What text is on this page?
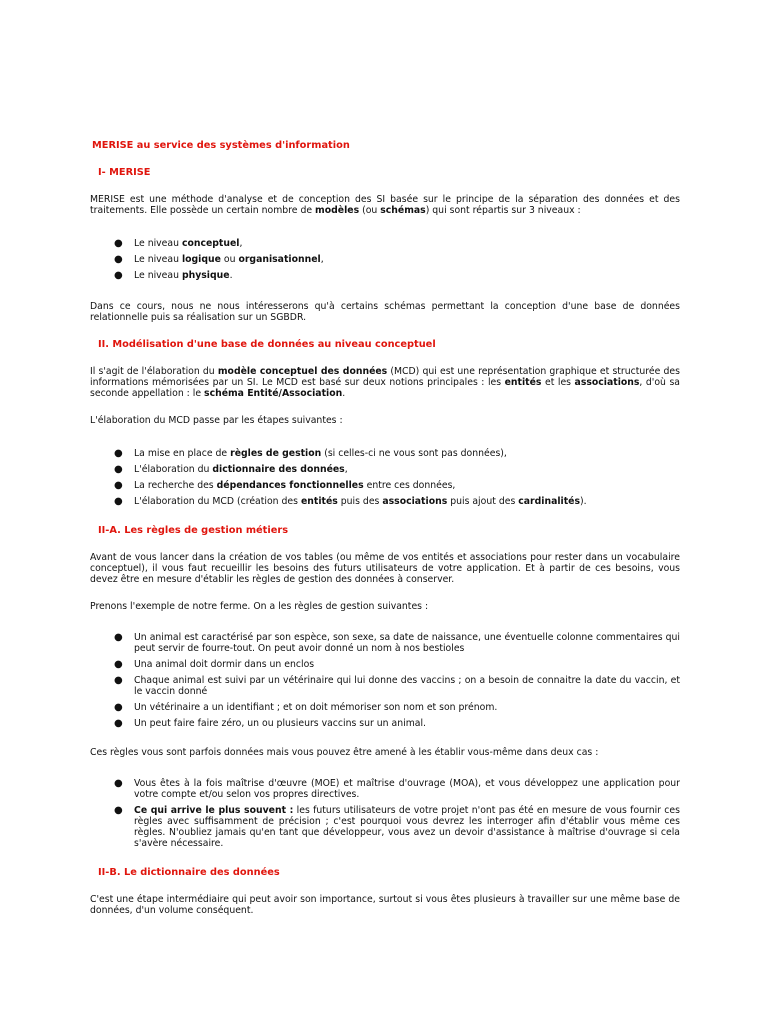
MERISE au service des systèmes d'information
I- MERISE

MERISE est une méthode d'analyse et de conception des SI basée sur le principe de la séparation des données et des traitements. Elle possède un certain nombre de modèles (ou schémas) qui sont répartis sur 3 niveaux :

● Le niveau conceptuel,
● Le niveau logique ou organisationnel,
● Le niveau physique.

Dans ce cours, nous ne nous intéresserons qu'à certains schémas permettant la conception d'une base de données relationnelle puis sa réalisation sur un SGBDR.

II. Modélisation d'une base de données au niveau conceptuel

Il s'agit de l'élaboration du modèle conceptuel des données (MCD) qui est une représentation graphique et structurée des informations mémorisées par un SI. Le MCD est basé sur deux notions principales : les entités et les associations, d'où sa seconde appellation : le schéma Entité/Association.

L'élaboration du MCD passe par les étapes suivantes :

● La mise en place de règles de gestion (si celles-ci ne vous sont pas données),
● L'élaboration du dictionnaire des données,
● La recherche des dépendances fonctionnelles entre ces données,
● L'élaboration du MCD (création des entités puis des associations puis ajout des cardinalités).
II-A. Les règles de gestion métiers

Avant de vous lancer dans la création de vos tables (ou même de vos entités et associations pour rester dans un vocabulaire conceptuel), il vous faut recueillir les besoins des futurs utilisateurs de votre application. Et à partir de ces besoins, vous devez être en mesure d'établir les règles de gestion des données à conserver.

Prenons l'exemple de notre ferme. On a les règles de gestion suivantes :

● Un animal est caractérisé par son espèce, son sexe, sa date de naissance, une éventuelle colonne commentaires qui peut servir de fourre-tout. On peut avoir donné un nom à nos bestioles
● Una animal doit dormir dans un enclos
● Chaque animal est suivi par un vétérinaire qui lui donne des vaccins ; on a besoin de connaitre la date du vaccin, et le vaccin donné
● Un vétérinaire a un identifiant ; et on doit mémoriser son nom et son prénom.
● Un peut faire faire zéro, un ou plusieurs vaccins sur un animal.

Ces règles vous sont parfois données mais vous pouvez être amené à les établir vous-même dans deux cas :

● Vous êtes à la fois maîtrise d'œuvre (MOE) et maîtrise d'ouvrage (MOA), et vous développez une application pour votre compte et/ou selon vos propres directives.
● Ce qui arrive le plus souvent : les futurs utilisateurs de votre projet n'ont pas été en mesure de vous fournir ces règles avec suffisamment de précision ; c'est pourquoi vous devrez les interroger afin d'établir vous même ces règles. N'oubliez jamais qu'en tant que développeur, vous avez un devoir d'assistance à maîtrise d'ouvrage si cela s'avère nécessaire.
II-B. Le dictionnaire des données

C'est une étape intermédiaire qui peut avoir son importance, surtout si vous êtes plusieurs à travailler sur une même base de données, d'un volume conséquent.
